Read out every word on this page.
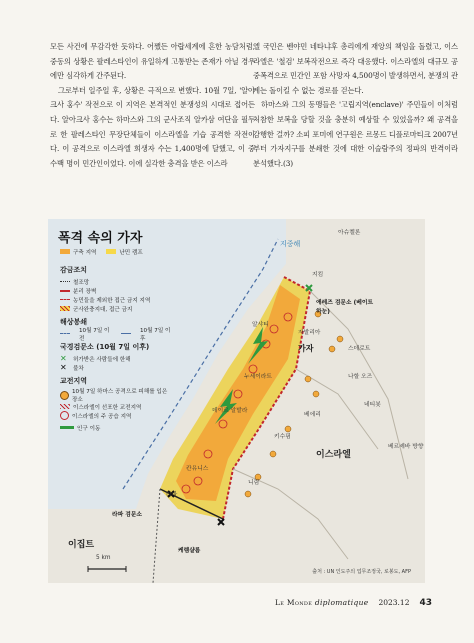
모든 사건에 무감각한 듯하다. 어쨌든 아랍세계에 흔한 농담처럼, 중동의 상황은 팔레스타인이 유일하게 고통받는 존재가 아닐 경우에만 심각하게 간주된다.

그로부터 일주일 후, 상황은 극적으로 변했다. 10월 7일, '알아크사 홍수' 작전으로 이 지역은 본격적인 분쟁성의 시대로 접어든다. 알아크사 홍수는 하마스와 그의 군사조직 알카삼 여단을 필두로 한 팔레스타인 무장단체들이 이스라엘을 기습 공격한 작전이다. 이 공격으로 이스라엘 희생자 수는 1,400명에 달했고, 이 중 수백 명이 민간인이었다. 이에 실각한 충격을 받은 이스라

엘 국민은 벤야민 네타냐후 총리에게 재앙의 책임을 돌렸고, 이스라엘은 '철검' 보복작전으로 즉각 대응했다. 이스라엘의 대규모 공중폭격으로 민간인 포함 사망자 4,500명이 발생하면서, 분쟁의 관계는 돌이킬 수 없는 경로를 걷는다.

하마스와 그의 동맹들은 '고립지역(enclave)' 주민들이 이처럼 처참한 보복을 당할 것을 충분히 예상할 수 있었을까? 왜 공격을 감행한 걸까? 소피 포미에 연구원은 르몽드 디플로마티크 2007년부터 가자지구를 분쇄한 것에 대한 이슬람주의 정파의 반격이라 분석했다.(3)

폭격 속의 가자
구축 지역	난민 캠프
감금조치
철조망
분리 장벽
농민들을 제외한 접근 금지 지역
군사완충지대, 접근 금지
해상봉쇄
10월 7일 이전
10월 7일 이후
국경검문소 (10월 7일 이후)
✕	허가받은 사람들에 한해
✕	불차
교전지역
10월 7일 하마스 공격으로 피해를 입은 장소
이스라엘이 선포한 교전지역
이스라엘의 주 공습 지역
인구 이동
지중해
아슈켈론
지킴
에레즈 검문소 (베이트 하눈)
알샤티
자발리아
가자	스데로트
나할 오즈
누세이라트
데이르 알발라
베에리
네티봇
키수핌
이스라엘
베르셰바 방향
칸유니스
니림
라파
라파 검문소
케렘샬롬
이집트
5 km
출처 : UN 인도주의 업무조정국, 로봉도, AFP
Le Monde diplomatique 2023.12 43
